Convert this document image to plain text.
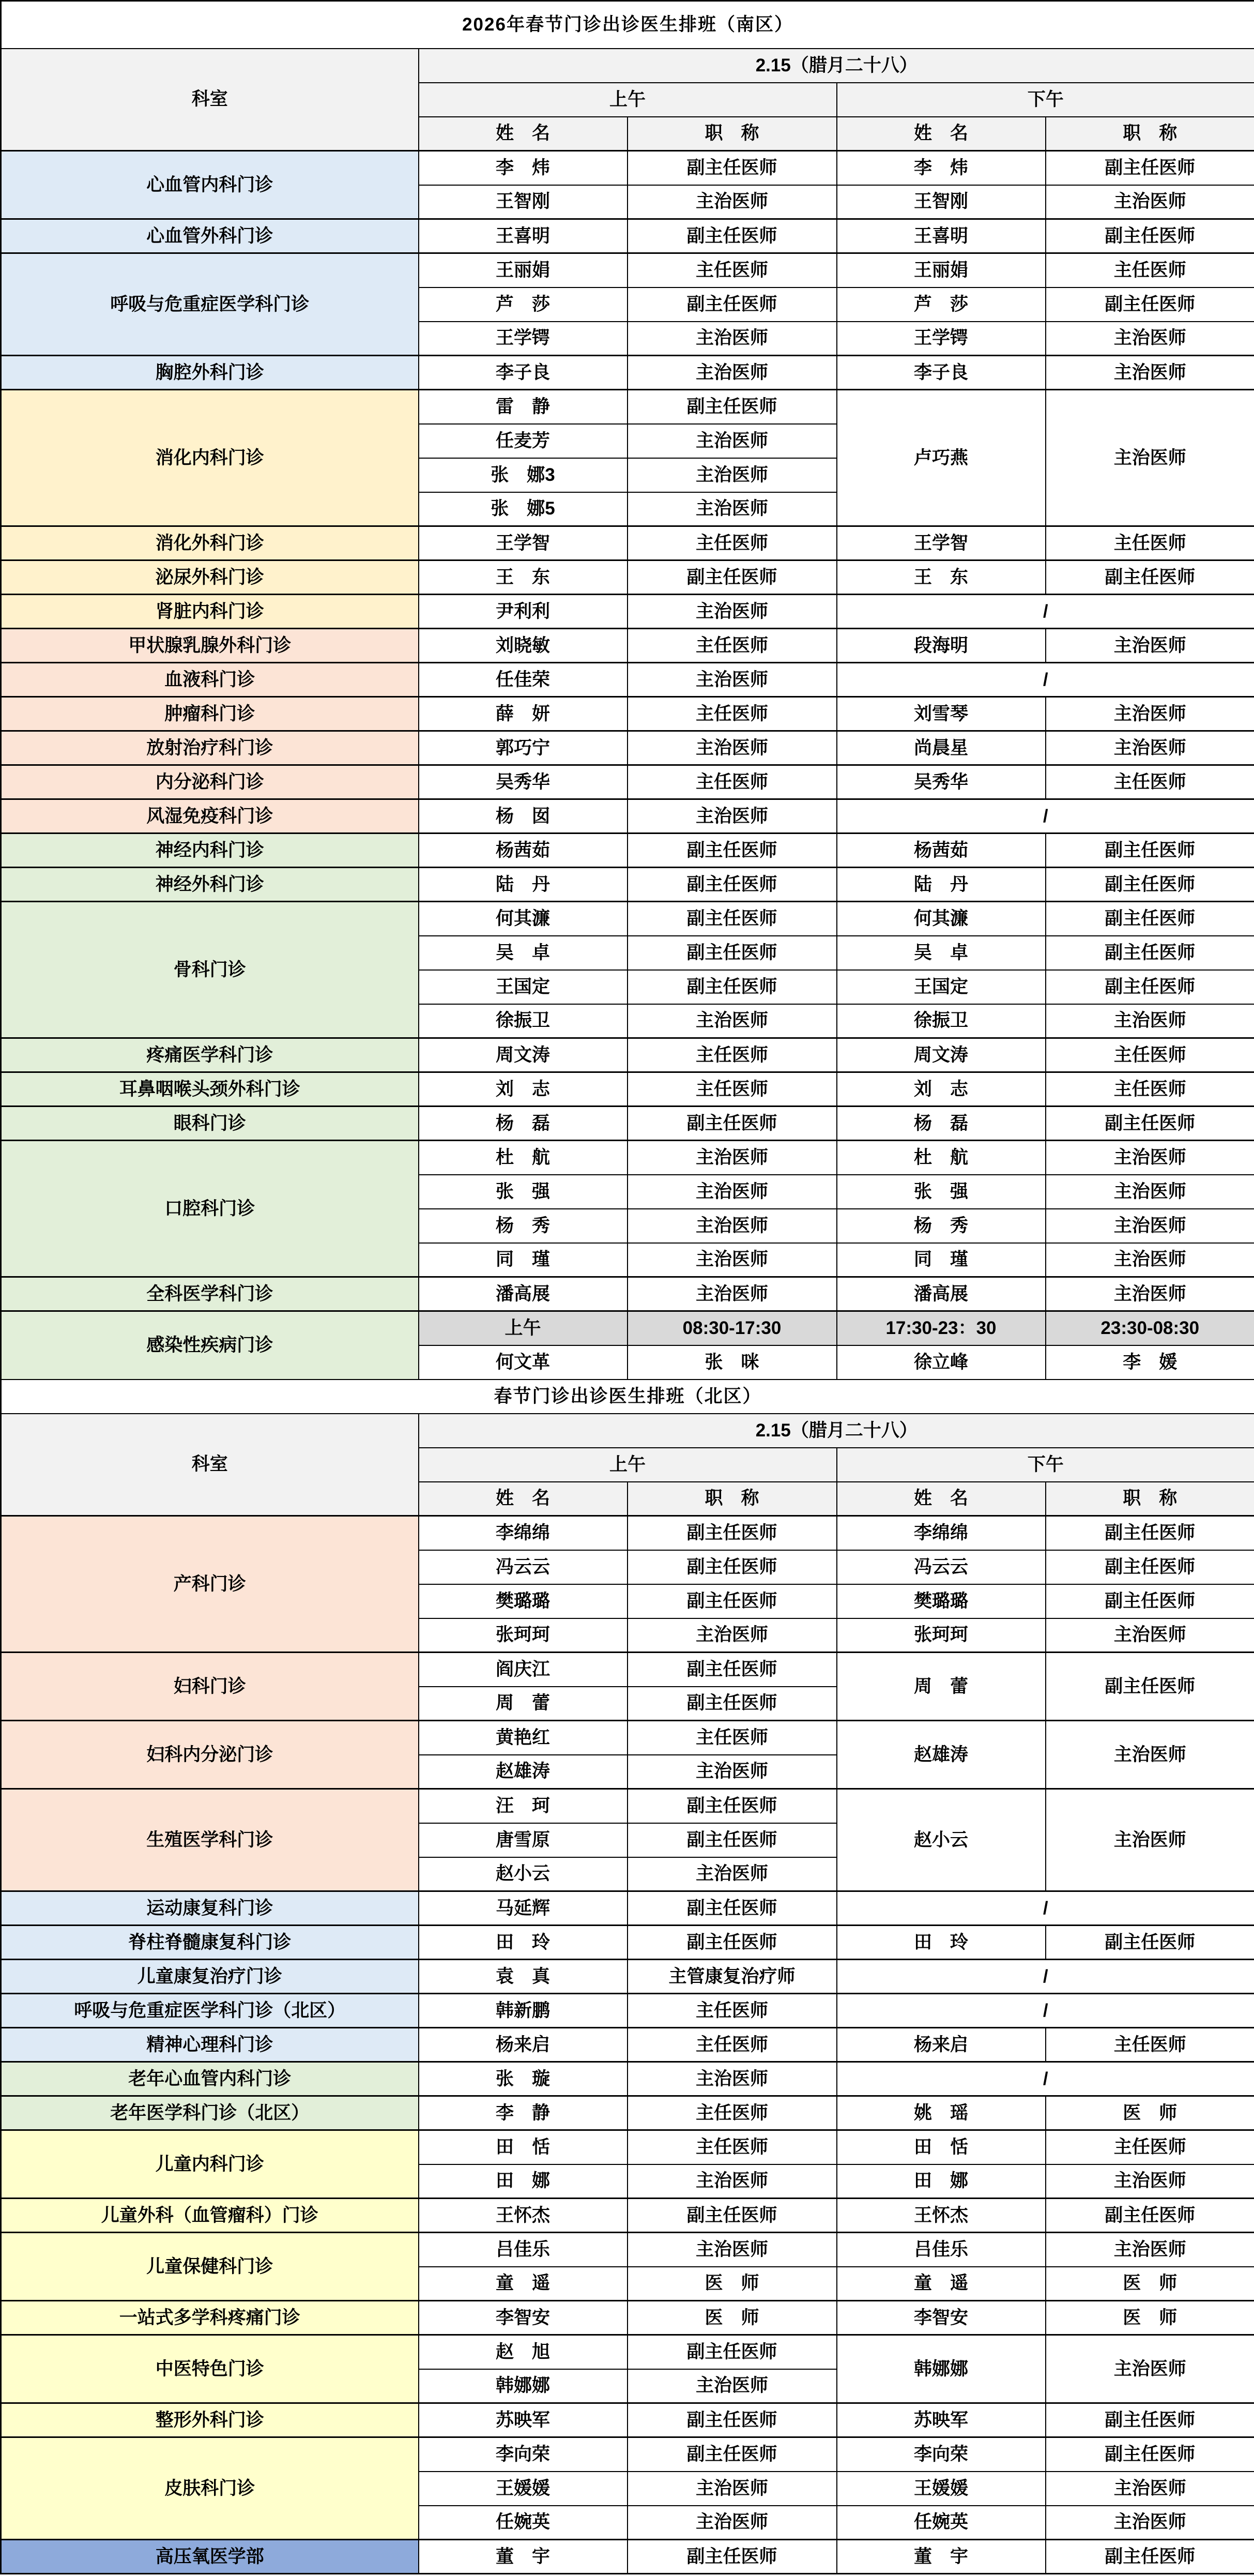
2026年春节门诊出诊医生排班（南区）				
科室	2.15（腊月二十八）			
	上午		下午	
	姓　名	职　称	姓　名	职　称
心血管内科门诊	李　炜	副主任医师	李　炜	副主任医师
	王智刚	主治医师	王智刚	主治医师
心血管外科门诊	王喜明	副主任医师	王喜明	副主任医师
呼吸与危重症医学科门诊	王丽娟	主任医师	王丽娟	主任医师
	芦　莎	副主任医师	芦　莎	副主任医师
	王学锷	主治医师	王学锷	主治医师
胸腔外科门诊	李子良	主治医师	李子良	主治医师
消化内科门诊	雷　静	副主任医师	卢巧燕	主治医师
	任麦芳	主治医师		
	张　娜3	主治医师		
	张　娜5	主治医师		
消化外科门诊	王学智	主任医师	王学智	主任医师
泌尿外科门诊	王　东	副主任医师	王　东	副主任医师
肾脏内科门诊	尹利利	主治医师	/	
甲状腺乳腺外科门诊	刘晓敏	主任医师	段海明	主治医师
血液科门诊	任佳荣	主治医师	/	
肿瘤科门诊	薛　妍	主任医师	刘雪琴	主治医师
放射治疗科门诊	郭巧宁	主治医师	尚晨星	主治医师
内分泌科门诊	吴秀华	主任医师	吴秀华	主任医师
风湿免疫科门诊	杨　囡	主治医师	/	
神经内科门诊	杨茜茹	副主任医师	杨茜茹	副主任医师
神经外科门诊	陆　丹	副主任医师	陆　丹	副主任医师
骨科门诊	何其濂	副主任医师	何其濂	副主任医师
	吴　卓	副主任医师	吴　卓	副主任医师
	王国定	副主任医师	王国定	副主任医师
	徐振卫	主治医师	徐振卫	主治医师
疼痛医学科门诊	周文涛	主任医师	周文涛	主任医师
耳鼻咽喉头颈外科门诊	刘　志	主任医师	刘　志	主任医师
眼科门诊	杨　磊	副主任医师	杨　磊	副主任医师
口腔科门诊	杜　航	主治医师	杜　航	主治医师
	张　强	主治医师	张　强	主治医师
	杨　秀	主治医师	杨　秀	主治医师
	同　瑾	主治医师	同　瑾	主治医师
全科医学科门诊	潘高展	主治医师	潘高展	主治医师
感染性疾病门诊	上午	08:30-17:30	17:30-23：30	23:30-08:30
	何文革	张　咪	徐立峰	李　媛
春节门诊出诊医生排班（北区）				
科室	2.15（腊月二十八）			
	上午		下午	
	姓　名	职　称	姓　名	职　称
产科门诊	李绵绵	副主任医师	李绵绵	副主任医师
	冯云云	副主任医师	冯云云	副主任医师
	樊璐璐	副主任医师	樊璐璐	副主任医师
	张珂珂	主治医师	张珂珂	主治医师
妇科门诊	阎庆江	副主任医师	周　蕾	副主任医师
	周　蕾	副主任医师		
妇科内分泌门诊	黄艳红	主任医师	赵雄涛	主治医师
	赵雄涛	主治医师		
生殖医学科门诊	汪　珂	副主任医师	赵小云	主治医师
	唐雪原	副主任医师		
	赵小云	主治医师		
运动康复科门诊	马延辉	副主任医师	/	
脊柱脊髓康复科门诊	田　玲	副主任医师	田　玲	副主任医师
儿童康复治疗门诊	袁　真	主管康复治疗师	/	
呼吸与危重症医学科门诊（北区）	韩新鹏	主任医师	/	
精神心理科门诊	杨来启	主任医师	杨来启	主任医师
老年心血管内科门诊	张　璇	主治医师	/	
老年医学科门诊（北区）	李　静	主任医师	姚　瑶	医　师
儿童内科门诊	田　恬	主任医师	田　恬	主任医师
	田　娜	主治医师	田　娜	主治医师
儿童外科（血管瘤科）门诊	王怀杰	副主任医师	王怀杰	副主任医师
儿童保健科门诊	吕佳乐	主治医师	吕佳乐	主治医师
	童　遥	医　师	童　遥	医　师
一站式多学科疼痛门诊	李智安	医　师	李智安	医　师
中医特色门诊	赵　旭	副主任医师	韩娜娜	主治医师
	韩娜娜	主治医师		
整形外科门诊	苏映军	副主任医师	苏映军	副主任医师
皮肤科门诊	李向荣	副主任医师	李向荣	副主任医师
	王媛媛	主治医师	王媛媛	主治医师
	任婉英	主治医师	任婉英	主治医师
高压氧医学部	董　宇	副主任医师	董　宇	副主任医师
